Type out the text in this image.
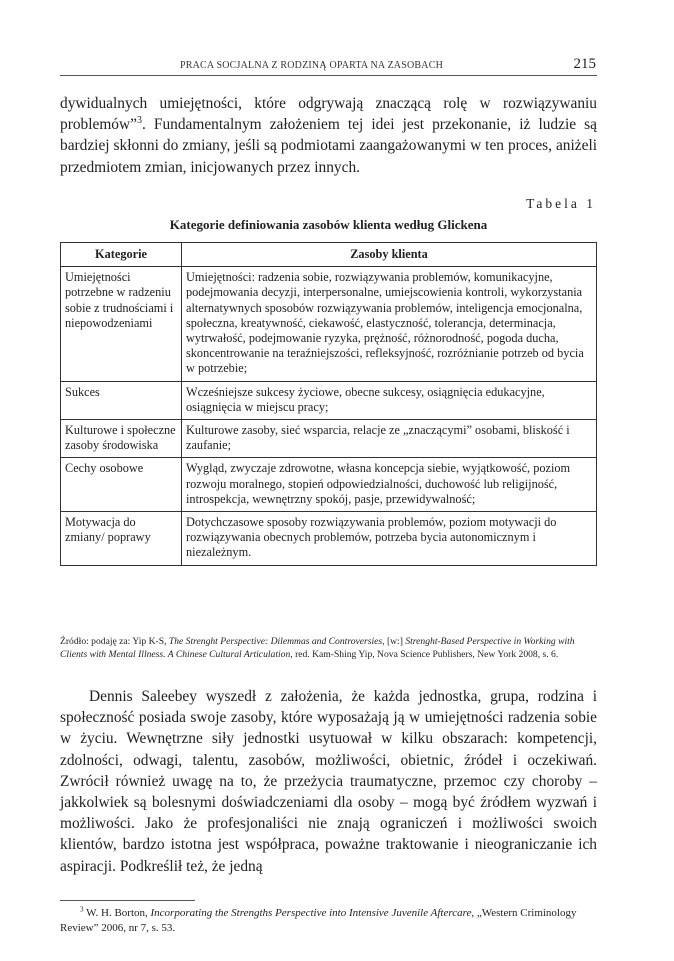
PRACA SOCJALNA Z RODZINĄ OPARTA NA ZASOBACH	215

dywidualnych umiejętności, które odgrywają znaczącą rolę w rozwiązywaniu problemów”$^3$. Fundamentalnym założeniem tej idei jest przekonanie, iż ludzie są bardziej skłonni do zmiany, jeśli są podmiotami zaangażowanymi w ten proces, aniżeli przedmiotem zmian, inicjowanych przez innych.

Tabela 1
Kategorie definiowania zasobów klienta według Glickena
Kategorie	Zasoby klienta
Umiejętności potrzebne w radzeniu sobie z trudnościami i niepowodzeniami	Umiejętności: radzenia sobie, rozwiązywania problemów, komunikacyjne, podejmowania decyzji, interpersonalne, umiejscowienia kontroli, wykorzystania alternatywnych sposobów rozwiązywania problemów, inteligencja emocjonalna, społeczna, kreatywność, ciekawość, elastyczność, tolerancja, determinacja, wytrwałość, podejmowanie ryzyka, prężność, różnorodność, pogoda ducha, skoncentrowanie na teraźniejszości, refleksyjność, rozróżnianie potrzeb od bycia w potrzebie;
Sukces	Wcześniejsze sukcesy życiowe, obecne sukcesy, osiągnięcia edukacyjne, osiągnięcia w miejscu pracy;
Kulturowe i społeczne zasoby środowiska	Kulturowe zasoby, sieć wsparcia, relacje ze „znaczącymi” osobami, bliskość i zaufanie;
Cechy osobowe	Wygląd, zwyczaje zdrowotne, własna koncepcja siebie, wyjątkowość, poziom rozwoju moralnego, stopień odpowiedzialności, duchowość lub religijność, introspekcja, wewnętrzny spokój, pasje, przewidywalność;
Motywacja do zmiany/ poprawy	Dotychczasowe sposoby rozwiązywania problemów, poziom motywacji do rozwiązywania obecnych problemów, potrzeba bycia autonomicznym i niezależnym.

Źródło: podaję za: Yip K-S, The Strenght Perspective: Dilemmas and Controversies, [w:] Strenght-Based Perspective in Working with Clients with Mental Illness. A Chinese Cultural Articulation, red. Kam-Shing Yip, Nova Science Publishers, New York 2008, s. 6.

Dennis Saleebey wyszedł z założenia, że każda jednostka, grupa, rodzina i społeczność posiada swoje zasoby, które wyposażają ją w umiejętności radzenia sobie w życiu. Wewnętrzne siły jednostki usytuował w kilku obszarach: kompetencji, zdolności, odwagi, talentu, zasobów, możliwości, obietnic, źródeł i oczekiwań. Zwrócił również uwagę na to, że przeżycia traumatyczne, przemoc czy choroby – jakkolwiek są bolesnymi doświadczeniami dla osoby – mogą być źródłem wyzwań i możliwości. Jako że profesjonaliści nie znają ograniczeń i możliwości swoich klientów, bardzo istotna jest współpraca, poważne traktowanie i nieograniczanie ich aspiracji. Podkreślił też, że jedną

$^3$ W. H. Borton, Incorporating the Strengths Perspective into Intensive Juvenile Aftercare, „Western Criminology Review” 2006, nr 7, s. 53.
